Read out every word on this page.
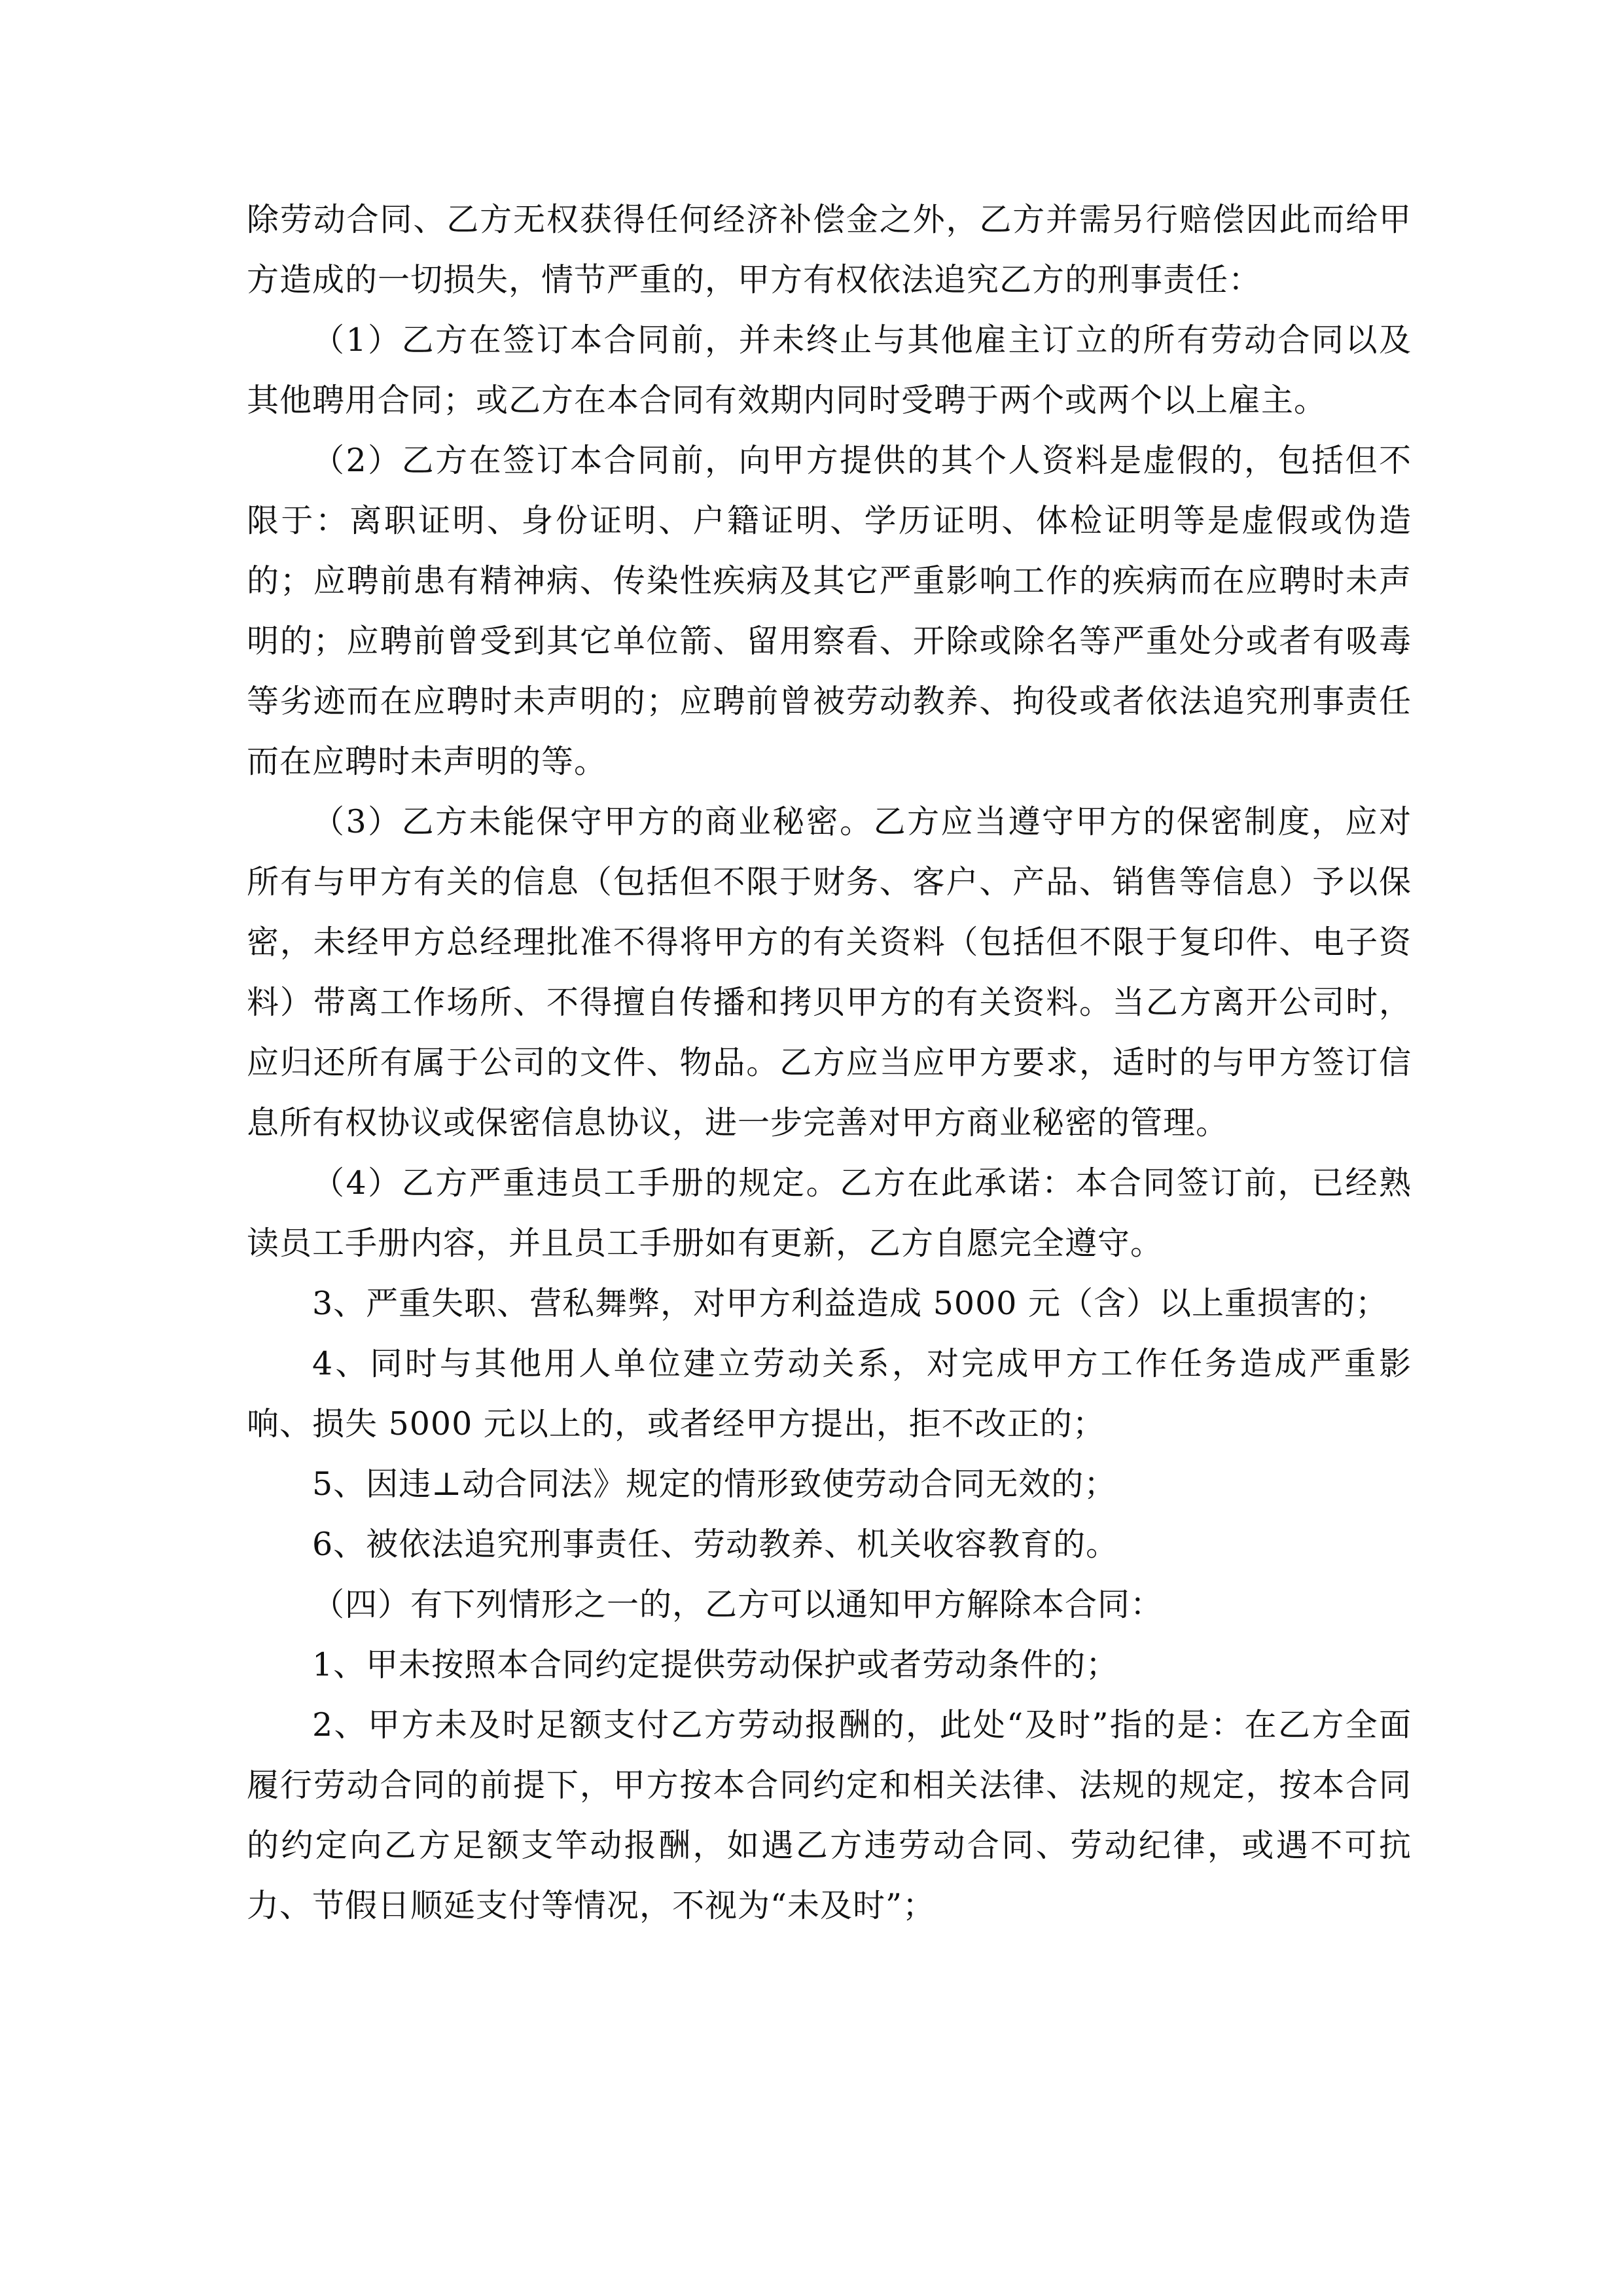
除劳动合同、乙方无权获得任何经济补偿金之外，乙方并需另行赔偿因此而给甲方造成的一切损失，情节严重的，甲方有权依法追究乙方的刑事责任：

（1）乙方在签订本合同前，并未终止与其他雇主订立的所有劳动合同以及其他聘用合同；或乙方在本合同有效期内同时受聘于两个或两个以上雇主。

（2）乙方在签订本合同前，向甲方提供的其个人资料是虚假的，包括但不限于：离职证明、身份证明、户籍证明、学历证明、体检证明等是虚假或伪造的；应聘前患有精神病、传染性疾病及其它严重影响工作的疾病而在应聘时未声明的；应聘前曾受到其它单位箭、留用察看、开除或除名等严重处分或者有吸毒等劣迹而在应聘时未声明的；应聘前曾被劳动教养、拘役或者依法追究刑事责任而在应聘时未声明的等。

（3）乙方未能保守甲方的商业秘密。乙方应当遵守甲方的保密制度，应对所有与甲方有关的信息（包括但不限于财务、客户、产品、销售等信息）予以保密，未经甲方总经理批准不得将甲方的有关资料（包括但不限于复印件、电子资料）带离工作场所、不得擅自传播和拷贝甲方的有关资料。当乙方离开公司时，应归还所有属于公司的文件、物品。乙方应当应甲方要求，适时的与甲方签订信息所有权协议或保密信息协议，进一步完善对甲方商业秘密的管理。

（4）乙方严重违员工手册的规定。乙方在此承诺：本合同签订前，已经熟读员工手册内容，并且员工手册如有更新，乙方自愿完全遵守。

3、严重失职、营私舞弊，对甲方利益造成 5000 元（含）以上重损害的；

4、同时与其他用人单位建立劳动关系，对完成甲方工作任务造成严重影响、损失 5000 元以上的，或者经甲方提出，拒不改正的；

5、因违⊥动合同法》规定的情形致使劳动合同无效的；

6、被依法追究刑事责任、劳动教养、机关收容教育的。

（四）有下列情形之一的，乙方可以通知甲方解除本合同：

1、甲未按照本合同约定提供劳动保护或者劳动条件的；

2、甲方未及时足额支付乙方劳动报酬的，此处“及时”指的是：在乙方全面履行劳动合同的前提下，甲方按本合同约定和相关法律、法规的规定，按本合同的约定向乙方足额支竿动报酬，如遇乙方违劳动合同、劳动纪律，或遇不可抗力、节假日顺延支付等情况，不视为“未及时”；
